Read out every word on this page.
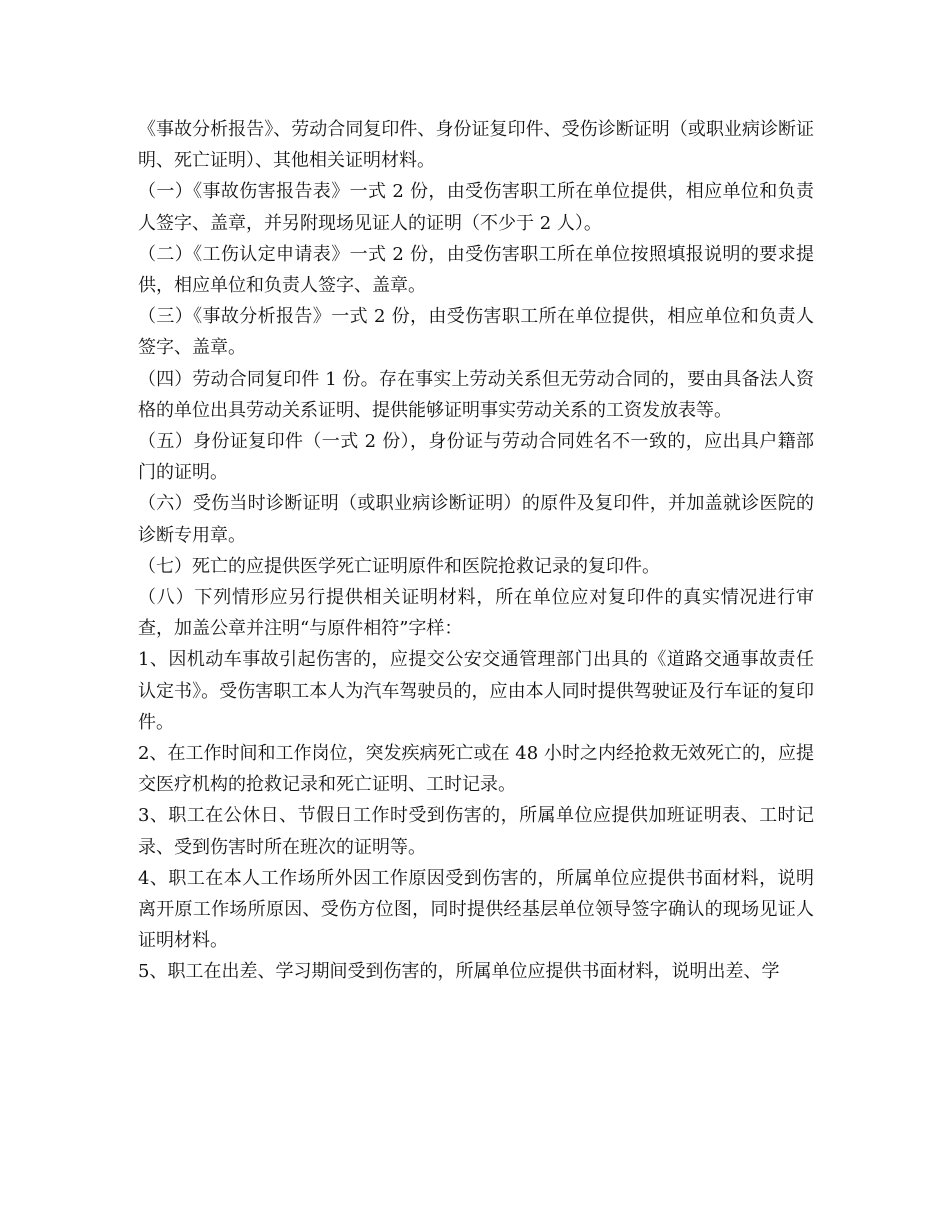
《事故分析报告》、劳动合同复印件、身份证复印件、受伤诊断证明（或职业病诊断证明、死亡证明）、其他相关证明材料。

（一）《事故伤害报告表》一式 2 份，由受伤害职工所在单位提供，相应单位和负责人签字、盖章，并另附现场见证人的证明（不少于 2 人）。

（二）《工伤认定申请表》一式 2 份，由受伤害职工所在单位按照填报说明的要求提供，相应单位和负责人签字、盖章。

（三）《事故分析报告》一式 2 份，由受伤害职工所在单位提供，相应单位和负责人签字、盖章。

（四）劳动合同复印件 1 份。存在事实上劳动关系但无劳动合同的，要由具备法人资格的单位出具劳动关系证明、提供能够证明事实劳动关系的工资发放表等。

（五）身份证复印件（一式 2 份），身份证与劳动合同姓名不一致的，应出具户籍部门的证明。

（六）受伤当时诊断证明（或职业病诊断证明）的原件及复印件，并加盖就诊医院的诊断专用章。

（七）死亡的应提供医学死亡证明原件和医院抢救记录的复印件。

（八）下列情形应另行提供相关证明材料，所在单位应对复印件的真实情况进行审查，加盖公章并注明“与原件相符”字样：

1、因机动车事故引起伤害的，应提交公安交通管理部门出具的《道路交通事故责任认定书》。受伤害职工本人为汽车驾驶员的，应由本人同时提供驾驶证及行车证的复印件。

2、在工作时间和工作岗位，突发疾病死亡或在 48 小时之内经抢救无效死亡的，应提交医疗机构的抢救记录和死亡证明、工时记录。

3、职工在公休日、节假日工作时受到伤害的，所属单位应提供加班证明表、工时记录、受到伤害时所在班次的证明等。

4、职工在本人工作场所外因工作原因受到伤害的，所属单位应提供书面材料，说明离开原工作场所原因、受伤方位图，同时提供经基层单位领导签字确认的现场见证人证明材料。

5、职工在出差、学习期间受到伤害的，所属单位应提供书面材料，说明出差、学
